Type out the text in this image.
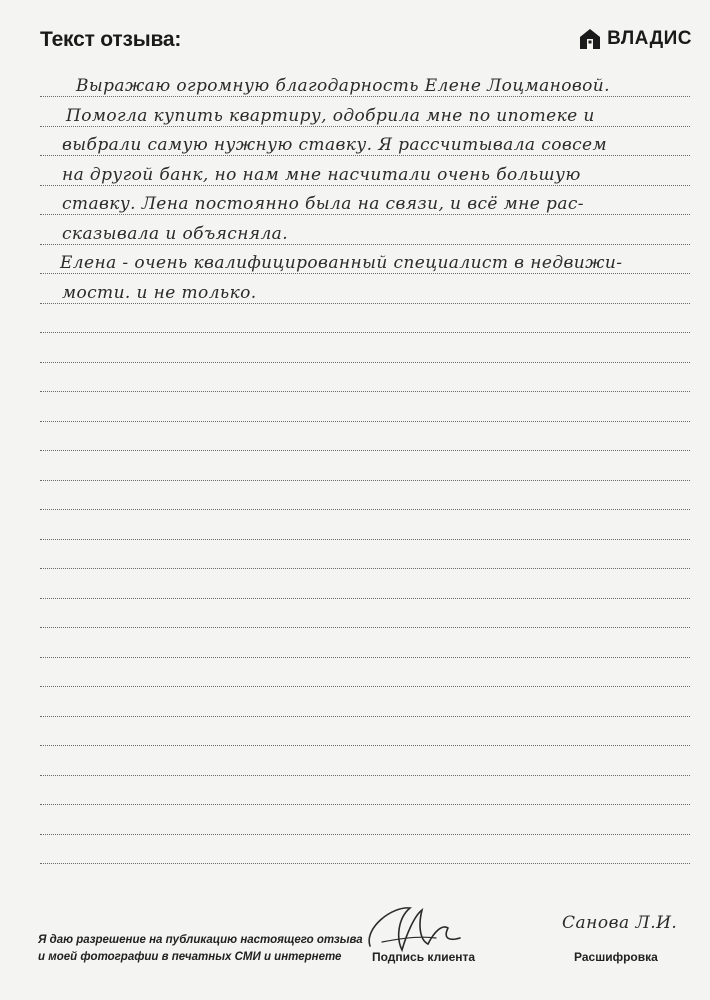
Текст отзыва:	ВЛАДИС
Выражаю огромную благодарность Елене Лоцмановой.
Помогла купить квартиру, одобрила мне по ипотеке и
выбрали самую нужную ставку. Я рассчитывала совсем
на другой банк, но нам мне насчитали очень большую
ставку. Лена постоянно была на связи, и всё мне рас-
сказывала и объясняла.
Елена - очень квалифицированный специалист в недвижи-
мости. и не только.
Я даю разрешение на публикацию настоящего отзыва
и моей фотографии в печатных СМИ и интернете	Подпись клиента
Санова Л.И.
Расшифровка
